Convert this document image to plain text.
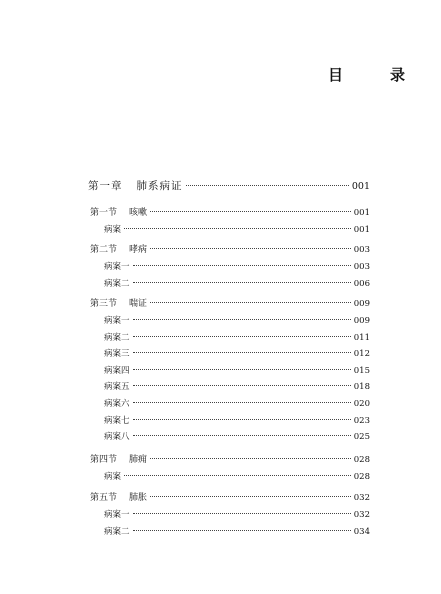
目　录
第一章 肺系病证	001
第一节 咳嗽	001
病案	001
第二节 哮病	003
病案一	003
病案二	006
第三节 喘证	009
病案一	009
病案二	011
病案三	012
病案四	015
病案五	018
病案六	020
病案七	023
病案八	025
第四节 肺痈	028
病案	028
第五节 肺胀	032
病案一	032
病案二	034
